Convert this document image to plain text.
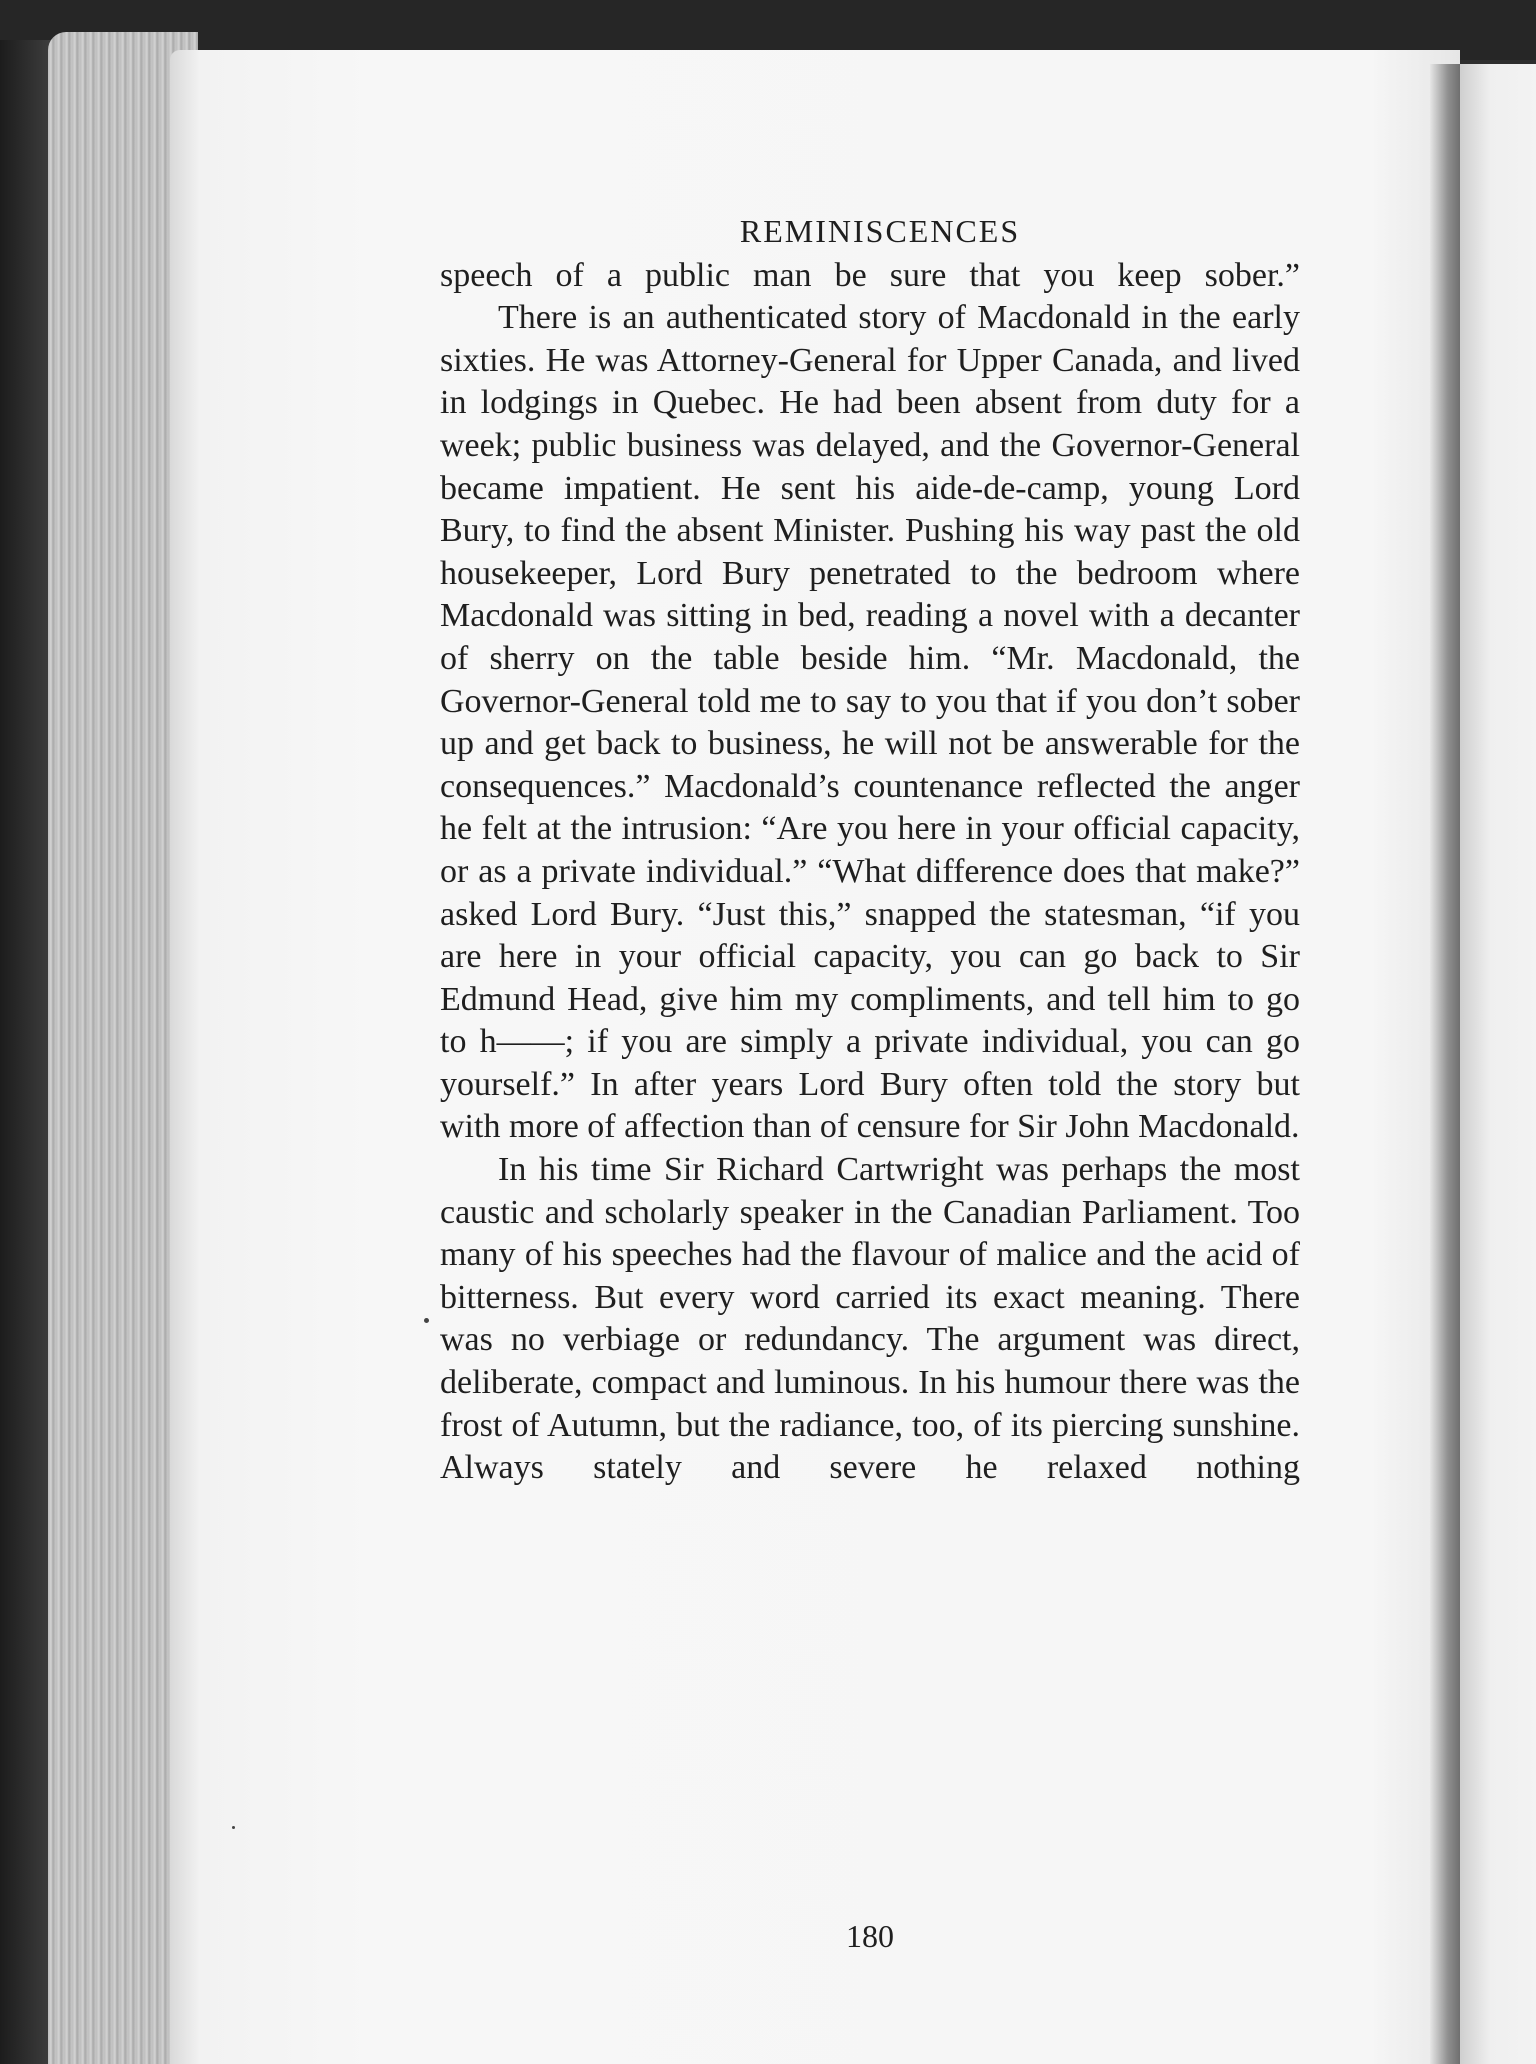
REMINISCENCES

speech of a public man be sure that you keep sober.”

There is an authenticated story of Macdonald in the early sixties. He was Attorney-General for Upper Canada, and lived in lodgings in Quebec. He had been absent from duty for a week; public business was delayed, and the Governor-General became impatient. He sent his aide-de-camp, young Lord Bury, to find the absent Minister. Pushing his way past the old housekeeper, Lord Bury penetrated to the bedroom where Macdonald was sitting in bed, reading a novel with a decanter of sherry on the table beside him. “Mr. Macdonald, the Governor-General told me to say to you that if you don’t sober up and get back to business, he will not be answerable for the consequences.” Macdonald’s countenance reflected the anger he felt at the intrusion: “Are you here in your official capacity, or as a private individual.” “What difference does that make?” asked Lord Bury. “Just this,” snapped the statesman, “if you are here in your official capacity, you can go back to Sir Edmund Head, give him my compliments, and tell him to go to h——; if you are simply a private individual, you can go yourself.” In after years Lord Bury often told the story but with more of affection than of censure for Sir John Macdonald.

In his time Sir Richard Cartwright was perhaps the most caustic and scholarly speaker in the Canadian Parliament. Too many of his speeches had the flavour of malice and the acid of bitterness. But every word carried its exact meaning. There was no verbiage or redundancy. The argument was direct, deliberate, compact and luminous. In his humour there was the frost of Autumn, but the radiance, too, of its piercing sunshine. Always stately and severe he relaxed nothing

180
